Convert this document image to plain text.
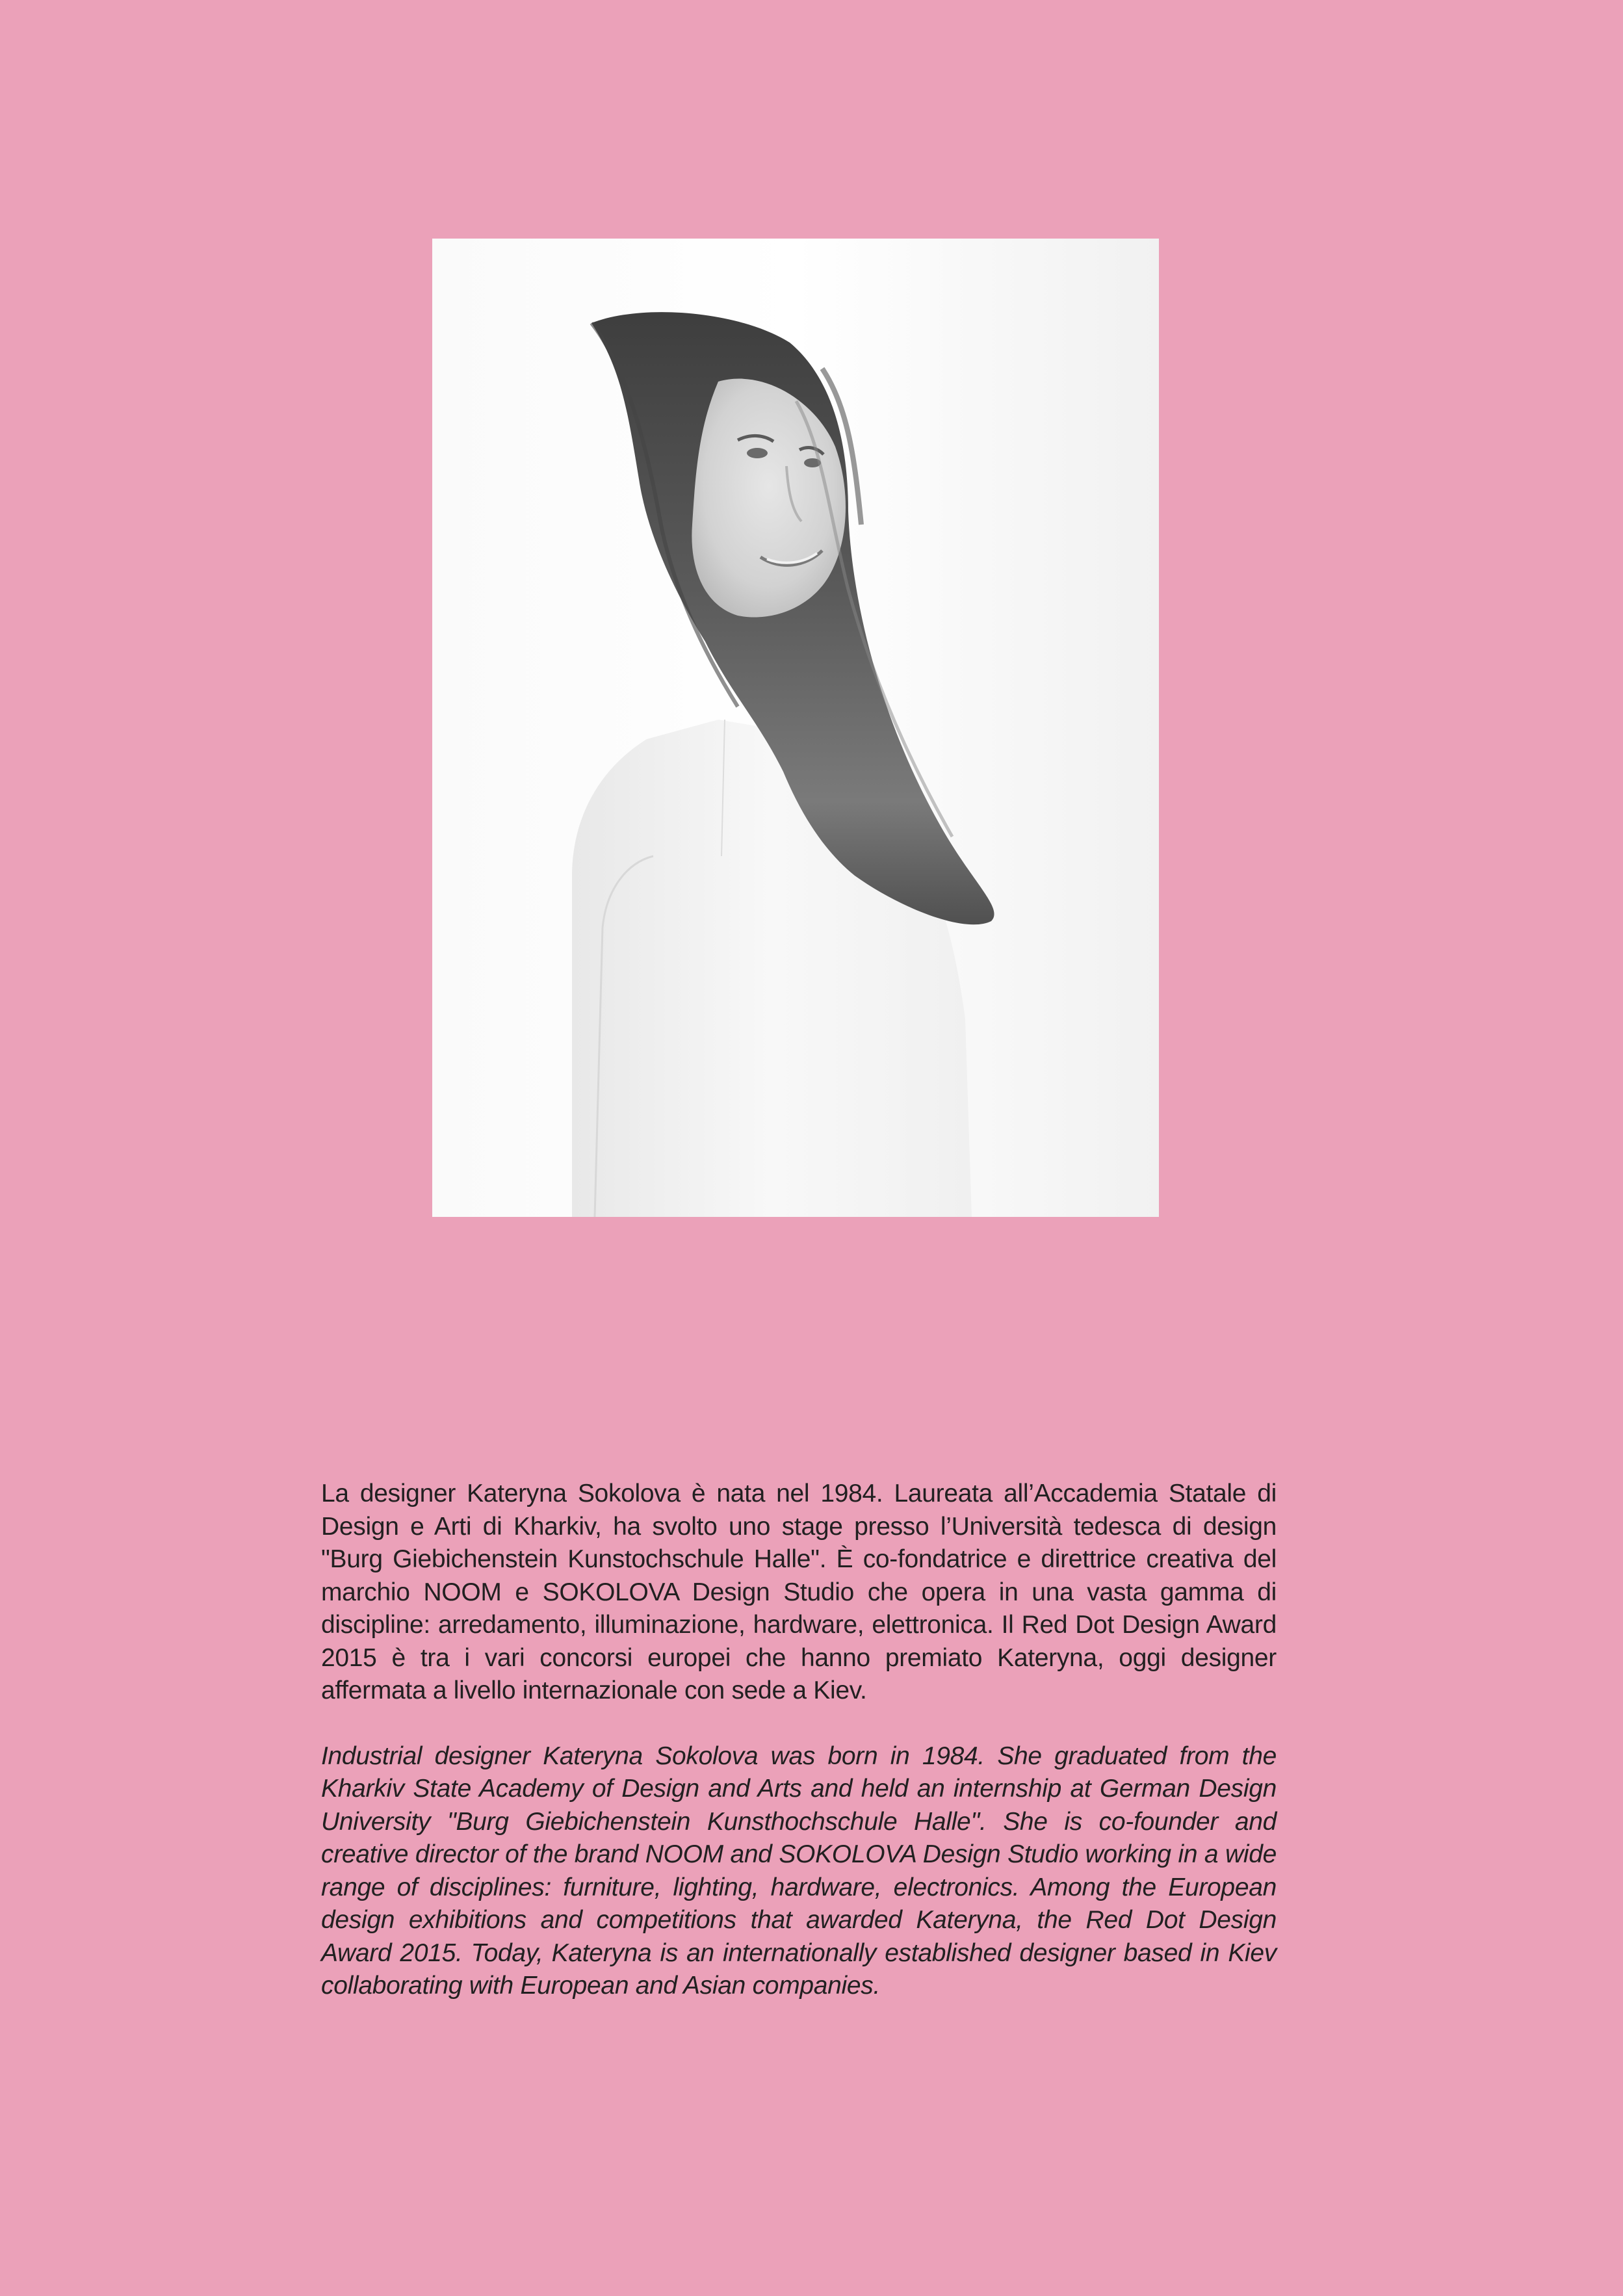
La designer Kateryna Sokolova è nata nel 1984. Laureata all’Accademia Statale di Design e Arti di Kharkiv, ha svolto uno stage presso l’Università tedesca di design "Burg Giebichenstein Kunstochschule Halle". È co-fondatrice e direttrice creativa del marchio NOOM e SOKOLOVA Design Studio che opera in una vasta gamma di discipline: arredamento, illuminazione, hardware, elettronica. Il Red Dot Design Award 2015 è tra i vari concorsi europei che hanno premiato Kateryna, oggi designer affermata a livello internazionale con sede a Kiev.

Industrial designer Kateryna Sokolova was born in 1984. She graduated from the Kharkiv State Academy of Design and Arts and held an internship at German Design University "Burg Giebichenstein Kunsthochschule Halle". She is co-founder and creative director of the brand NOOM and SOKOLOVA Design Studio working in a wide range of disciplines: furniture, lighting, hardware, electronics. Among the European design exhibitions and competitions that awarded Kateryna, the Red Dot Design Award 2015. Today, Kateryna is an internationally established designer based in Kiev collaborating with European and Asian companies.
